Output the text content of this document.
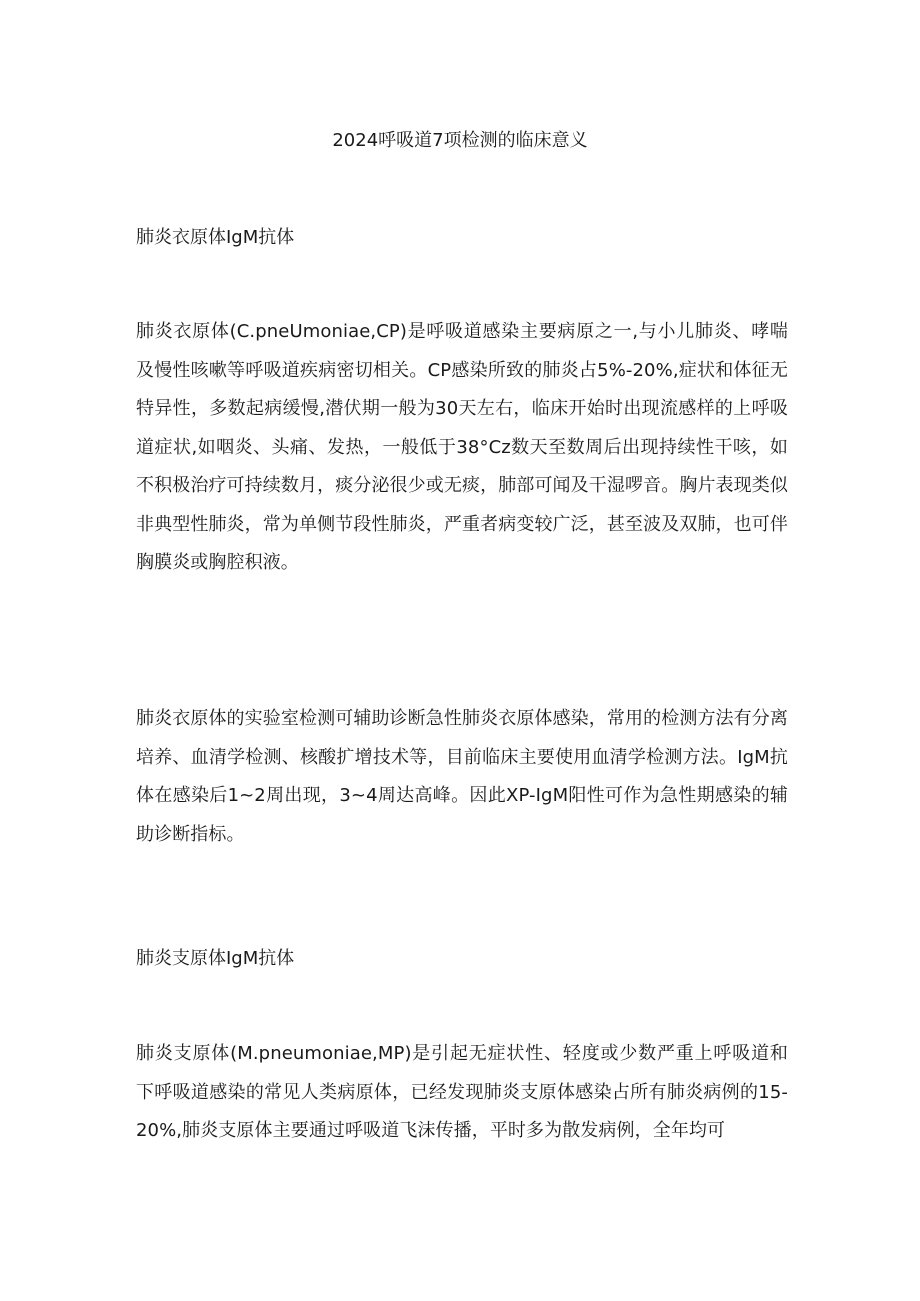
2024呼吸道7项检测的临床意义
肺炎衣原体IgM抗体

肺炎衣原体(C.pneUmoniae,CP)是呼吸道感染主要病原之一,与小儿肺炎、哮喘及慢性咳嗽等呼吸道疾病密切相关。CP感染所致的肺炎占5%-20%,症状和体征无特异性，多数起病缓慢,潜伏期一般为30天左右，临床开始时出现流感样的上呼吸道症状,如咽炎、头痛、发热，一般低于38°Cz数天至数周后出现持续性干咳，如不积极治疗可持续数月，痰分泌很少或无痰，肺部可闻及干湿啰音。胸片表现类似非典型性肺炎，常为单侧节段性肺炎，严重者病变较广泛，甚至波及双肺，也可伴胸膜炎或胸腔积液。

肺炎衣原体的实验室检测可辅助诊断急性肺炎衣原体感染，常用的检测方法有分离培养、血清学检测、核酸扩增技术等，目前临床主要使用血清学检测方法。IgM抗体在感染后1~2周出现，3~4周达高峰。因此XP-IgM阳性可作为急性期感染的辅助诊断指标。

肺炎支原体IgM抗体

肺炎支原体(M.pneumoniae,MP)是引起无症状性、轻度或少数严重上呼吸道和下呼吸道感染的常见人类病原体，已经发现肺炎支原体感染占所有肺炎病例的15-20%,肺炎支原体主要通过呼吸道飞沫传播，平时多为散发病例，全年均可
